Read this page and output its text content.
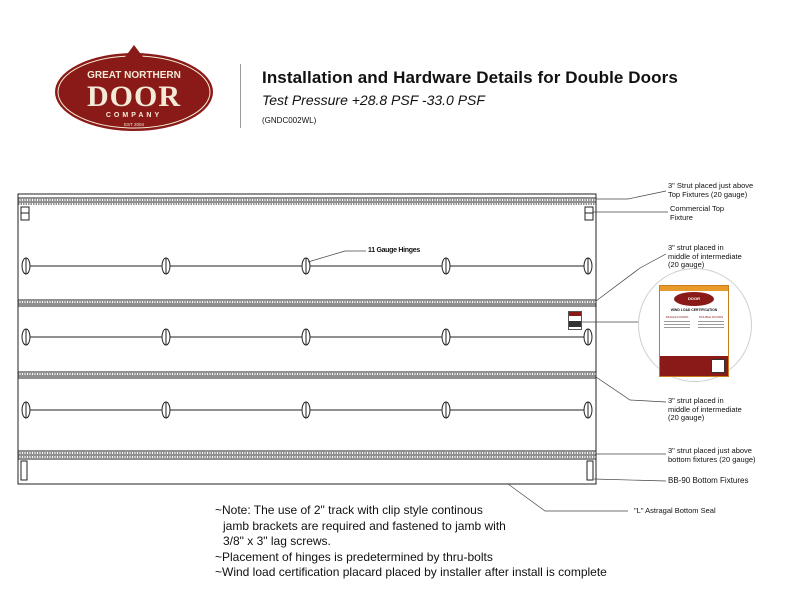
GREAT NORTHERN
DOOR
COMPANY
EST 2004
Installation and Hardware Details for Double Doors
Test Pressure +28.8 PSF -33.0 PSF
(GNDC002WL)
DOOR
WIND LOAD CERTIFICATION
SINGLE DOORS	DOUBLE DOORS
3" Strut placed just above
Top Fixtures (20 gauge)
Commercial Top
Fixture
11 Gauge Hinges	3" strut placed in
middle of intermediate
(20 gauge)
3" strut placed in
middle of intermediate
(20 gauge)
3" strut placed just above
bottom fixtures (20 gauge)
BB-90 Bottom Fixtures
"L" Astragal Bottom Seal
~Note: The use of 2" track with clip style continous
jamb brackets are required and fastened to jamb with
3/8" x 3" lag screws.
~Placement of hinges is predetermined by thru-bolts
~Wind load certification placard placed by installer after install is complete
